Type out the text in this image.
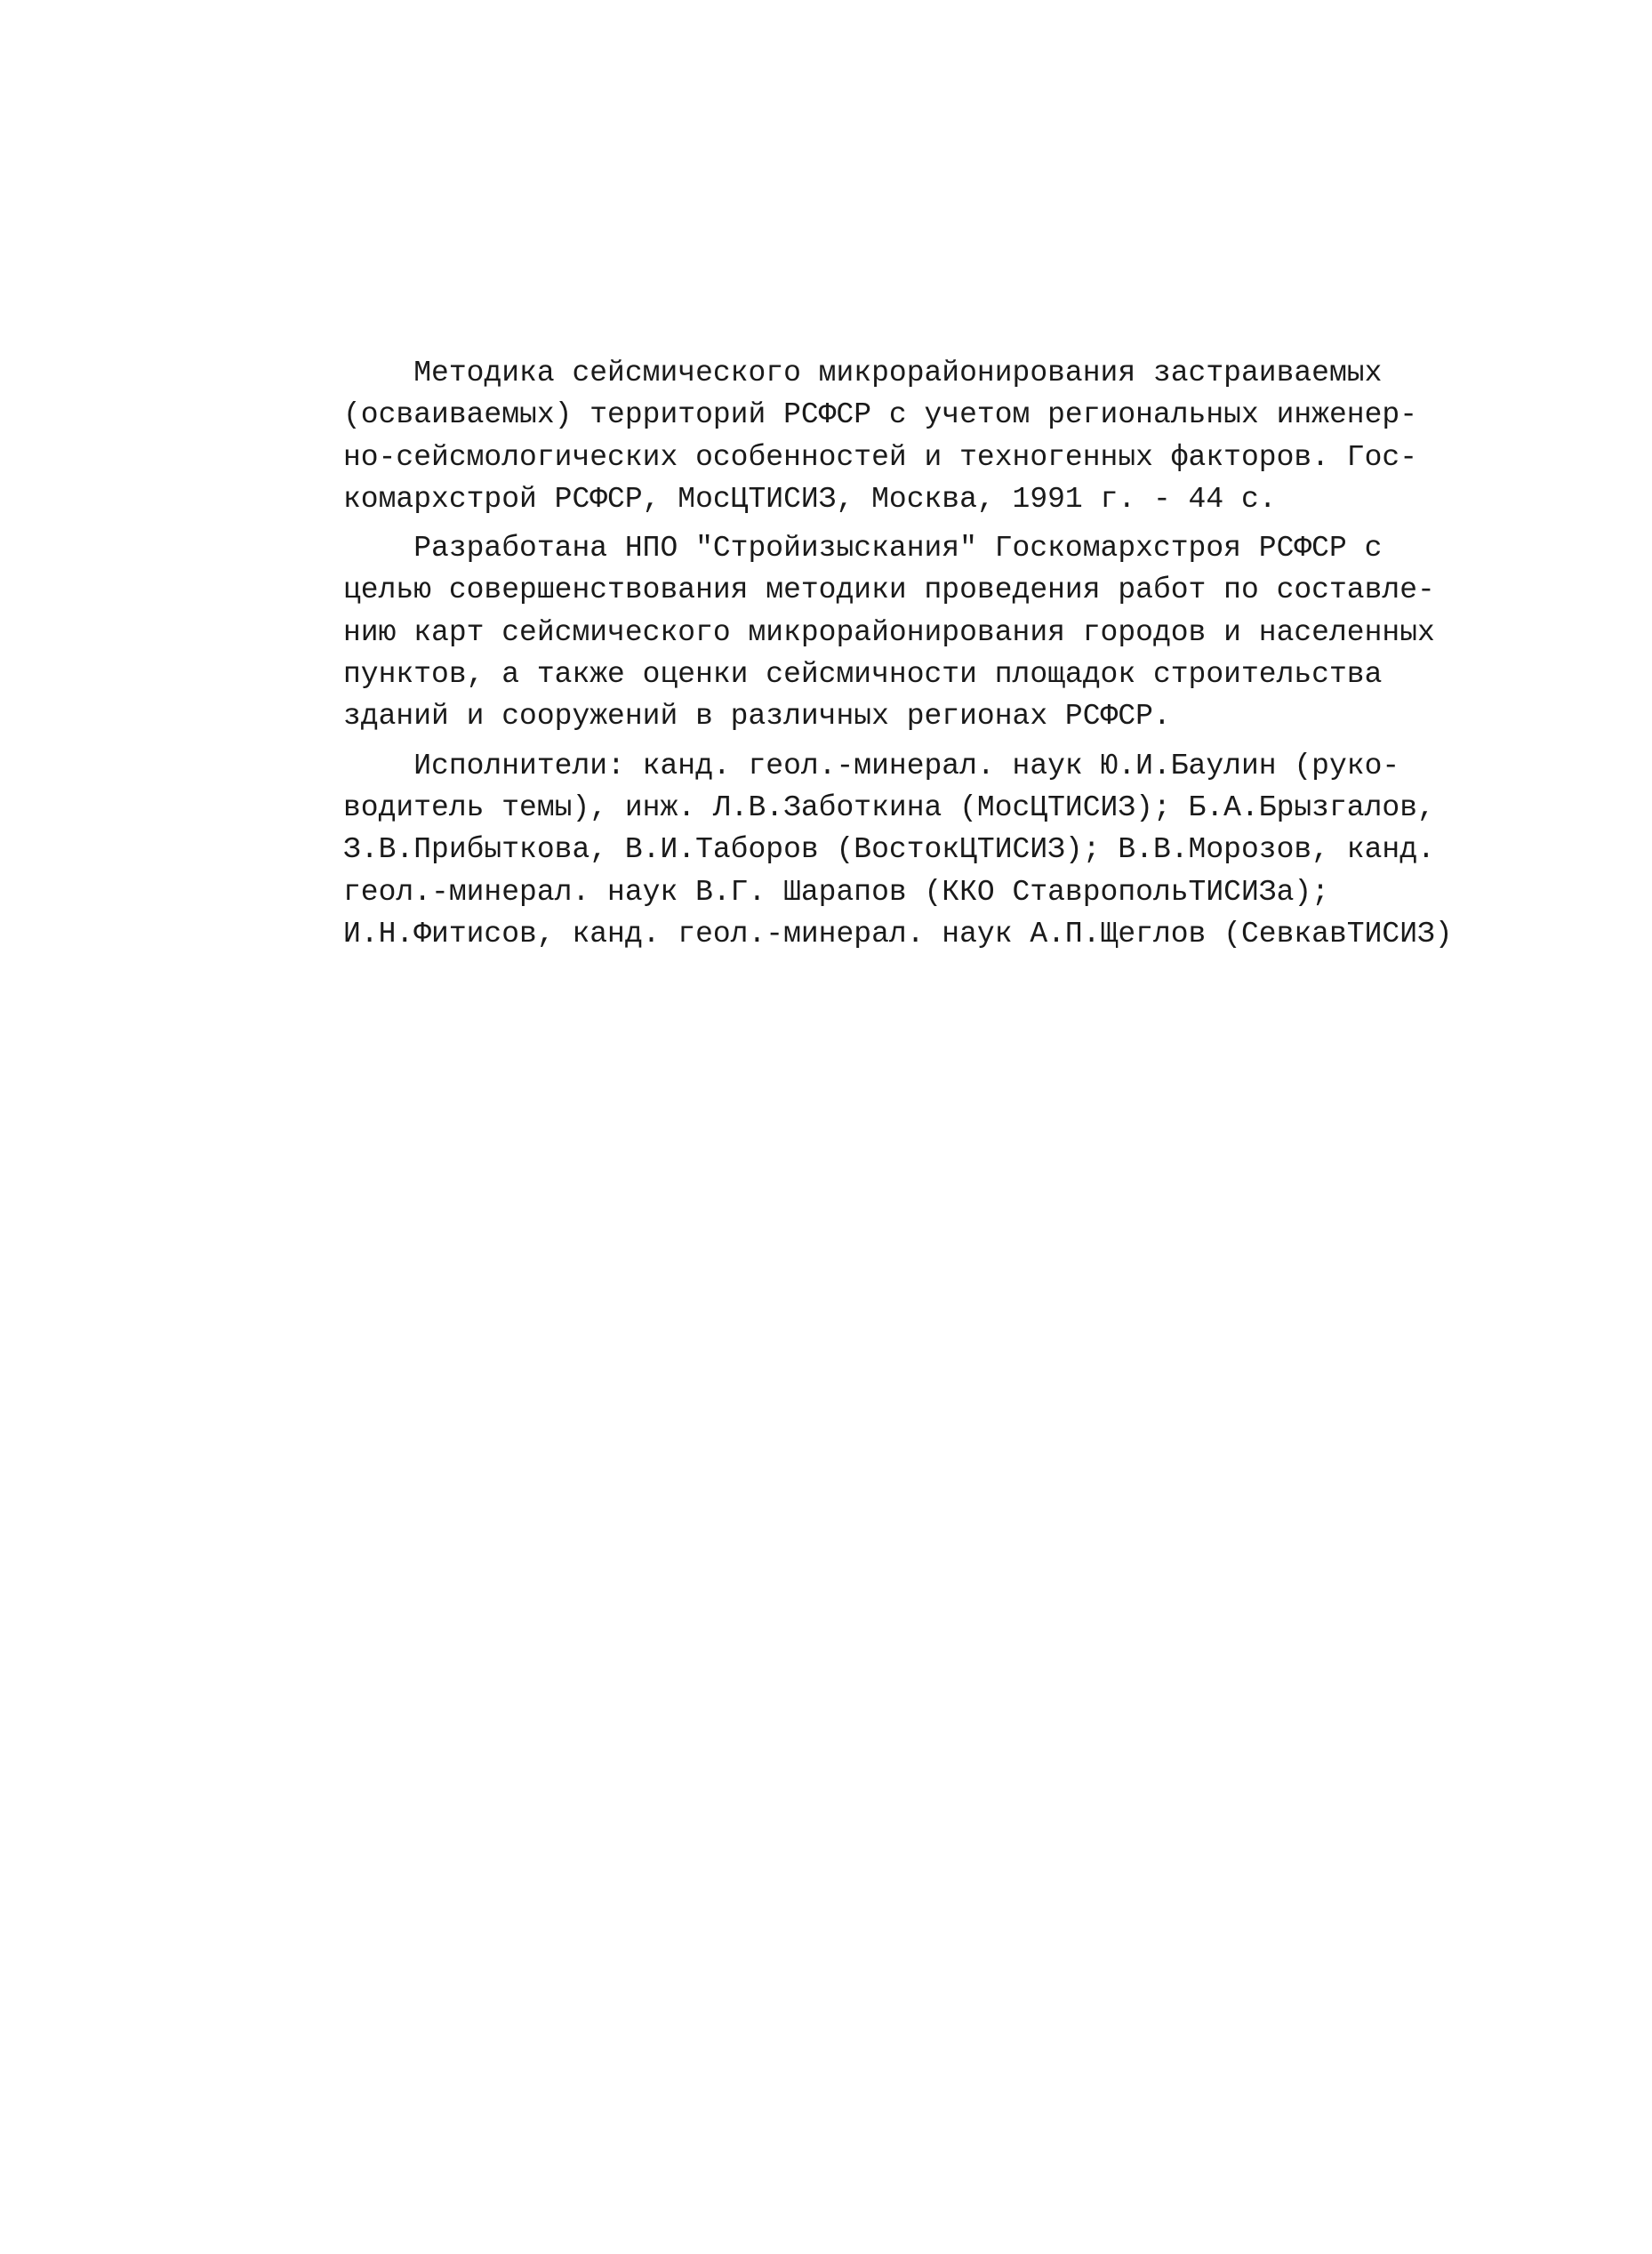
Методика сейсмического микрорайонирования застраиваемых
(осваиваемых) территорий РСФСР с учетом региональных инженер-
но-сейсмологических особенностей и техногенных факторов. Гос-
комархстрой РСФСР, МосЦТИСИЗ, Москва, 1991 г. - 44 с.
Разработана НПО "Стройизыскания" Госкомархстроя РСФСР с
целью совершенствования методики проведения работ по составле-
нию карт сейсмического микрорайонирования городов и населенных
пунктов, а также оценки сейсмичности площадок строительства
зданий и сооружений в различных регионах РСФСР.
Исполнители: канд. геол.-минерал. наук Ю.И.Баулин (руко-
водитель темы), инж. Л.В.Заботкина (МосЦТИСИЗ); Б.А.Брызгалов,
З.В.Прибыткова, В.И.Таборов (ВостокЦТИСИЗ); В.В.Морозов, канд.
геол.-минерал. наук В.Г. Шарапов (ККО СтавропольТИСИЗа);
И.Н.Фитисов, канд. геол.-минерал. наук А.П.Щеглов (СевкавТИСИЗ)
